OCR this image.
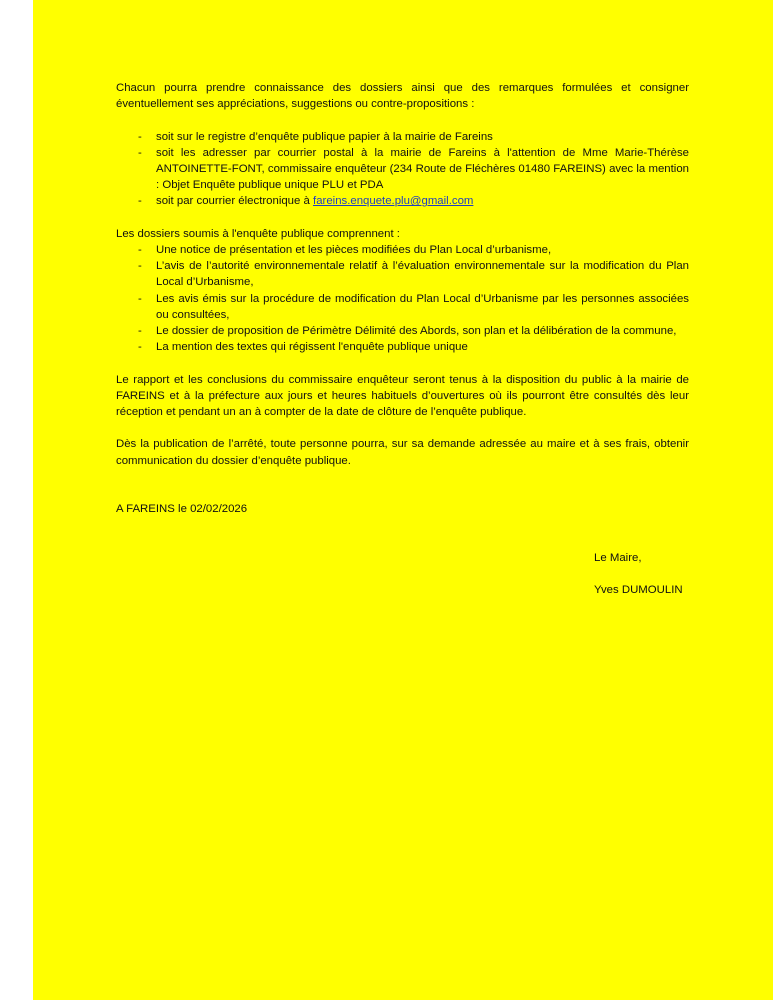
Chacun pourra prendre connaissance des dossiers ainsi que des remarques formulées et consigner éventuellement ses appréciations, suggestions ou contre-propositions :

- soit sur le registre d’enquête publique papier à la mairie de Fareins
- soit les adresser par courrier postal à la mairie de Fareins à l'attention de Mme Marie-Thérèse ANTOINETTE-FONT, commissaire enquêteur (234 Route de Fléchères 01480 FAREINS) avec la mention : Objet Enquête publique unique PLU et PDA
- soit par courrier électronique à fareins.enquete.plu@gmail.com

Les dossiers soumis à l'enquête publique comprennent :

- Une notice de présentation et les pièces modifiées du Plan Local d’urbanisme,
- L’avis de l’autorité environnementale relatif à l’évaluation environnementale sur la modification du Plan Local d’Urbanisme,
- Les avis émis sur la procédure de modification du Plan Local d’Urbanisme par les personnes associées ou consultées,
- Le dossier de proposition de Périmètre Délimité des Abords, son plan et la délibération de la commune,
- La mention des textes qui régissent l'enquête publique unique

Le rapport et les conclusions du commissaire enquêteur seront tenus à la disposition du public à la mairie de FAREINS et à la préfecture aux jours et heures habituels d’ouvertures où ils pourront être consultés dès leur réception et pendant un an à compter de la date de clôture de l’enquête publique.

Dès la publication de l’arrêté, toute personne pourra, sur sa demande adressée au maire et à ses frais, obtenir communication du dossier d’enquête publique.

A FAREINS le 02/02/2026

Le Maire,

Yves DUMOULIN
